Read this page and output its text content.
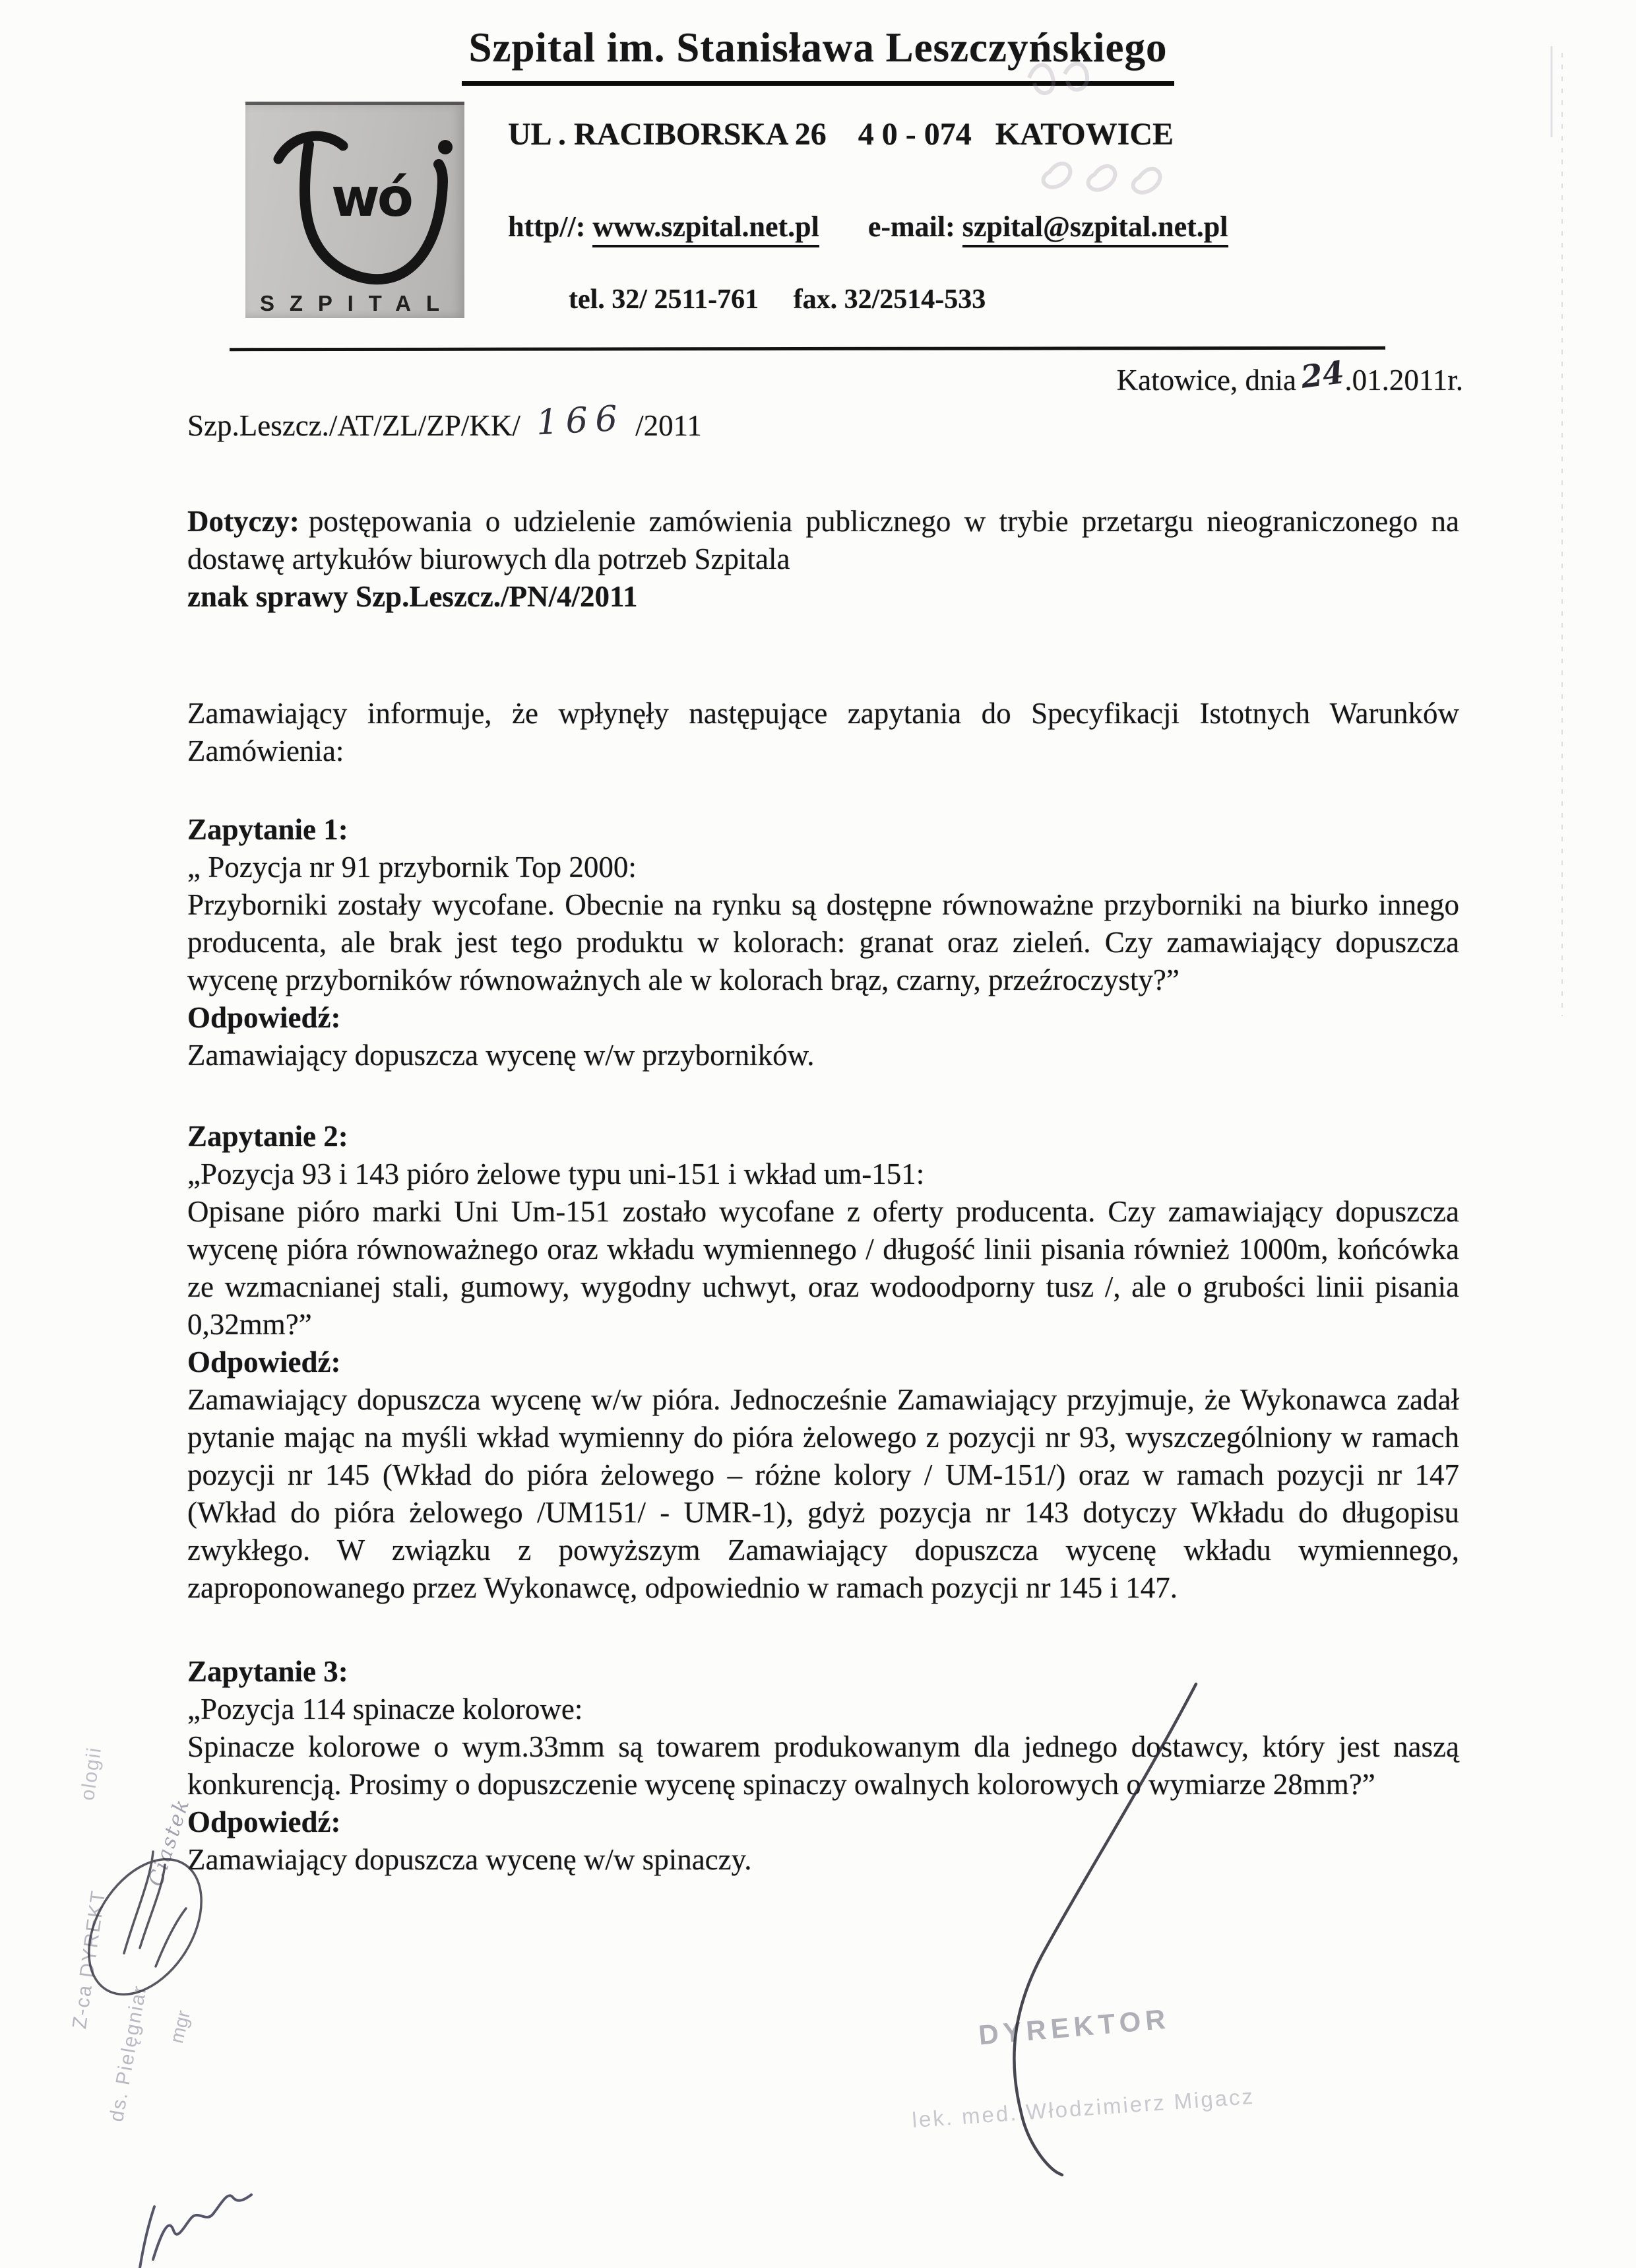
Szpital im. Stanisława Leszczyńskiego
wó
SZPITAL
UL . RACIBORSKA 26    4 0 - 074   KATOWICE
http//: www.szpital.net.pl e-mail: szpital@szpital.net.pl
tel. 32/ 2511-761     fax. 32/2514-533
Katowice, dnia24.01.2011r.
Szp.Leszcz./AT/ZL/ZP/KK/ 166 /2011

Dotyczy: postępowania o udzielenie zamówienia publicznego w trybie przetargu nieograniczonego na dostawę artykułów biurowych dla potrzeb Szpitala

znak sprawy Szp.Leszcz./PN/4/2011

Zamawiający informuje, że wpłynęły następujące zapytania do Specyfikacji Istotnych Warunków Zamówienia:

Zapytanie 1:

„ Pozycja nr 91 przybornik Top 2000:

Przyborniki zostały wycofane. Obecnie na rynku są dostępne równoważne przyborniki na biurko innego producenta, ale brak jest tego produktu w kolorach: granat oraz zieleń. Czy zamawiający dopuszcza wycenę przyborników równoważnych ale w kolorach brąz, czarny, przeźroczysty?”

Odpowiedź:

Zamawiający dopuszcza wycenę w/w przyborników.

Zapytanie 2:

„Pozycja 93 i 143 pióro żelowe typu uni-151 i wkład um-151:

Opisane pióro marki Uni Um-151 zostało wycofane z oferty producenta. Czy zamawiający dopuszcza wycenę pióra równoważnego oraz wkładu wymiennego / długość linii pisania również 1000m, końcówka ze wzmacnianej stali, gumowy, wygodny uchwyt, oraz wodoodporny tusz /, ale o grubości linii pisania 0,32mm?”

Odpowiedź:

Zamawiający dopuszcza wycenę w/w pióra. Jednocześnie Zamawiający przyjmuje, że Wykonawca zadał pytanie mając na myśli wkład wymienny do pióra żelowego z pozycji nr 93, wyszczególniony w ramach pozycji nr 145 (Wkład do pióra żelowego – różne kolory / UM-151/) oraz w ramach pozycji nr 147 (Wkład do pióra żelowego /UM151/ - UMR-1), gdyż pozycja nr 143 dotyczy Wkładu do długopisu zwykłego. W związku z powyższym Zamawiający dopuszcza wycenę wkładu wymiennego, zaproponowanego przez Wykonawcę, odpowiednio w ramach pozycji nr 145 i 147.

Zapytanie 3:

„Pozycja 114 spinacze kolorowe:

Spinacze kolorowe o wym.33mm są towarem produkowanym dla jednego dostawcy, który jest naszą konkurencją. Prosimy o dopuszczenie wycenę spinaczy owalnych kolorowych o wymiarze 28mm?”

Odpowiedź:

Zamawiający dopuszcza wycenę w/w spinaczy.

Z-ca DYREKT
ologii
ds. Pielęgniar mgr
Ciastek
DYREKTOR
lek. med. Włodzimierz Migacz
